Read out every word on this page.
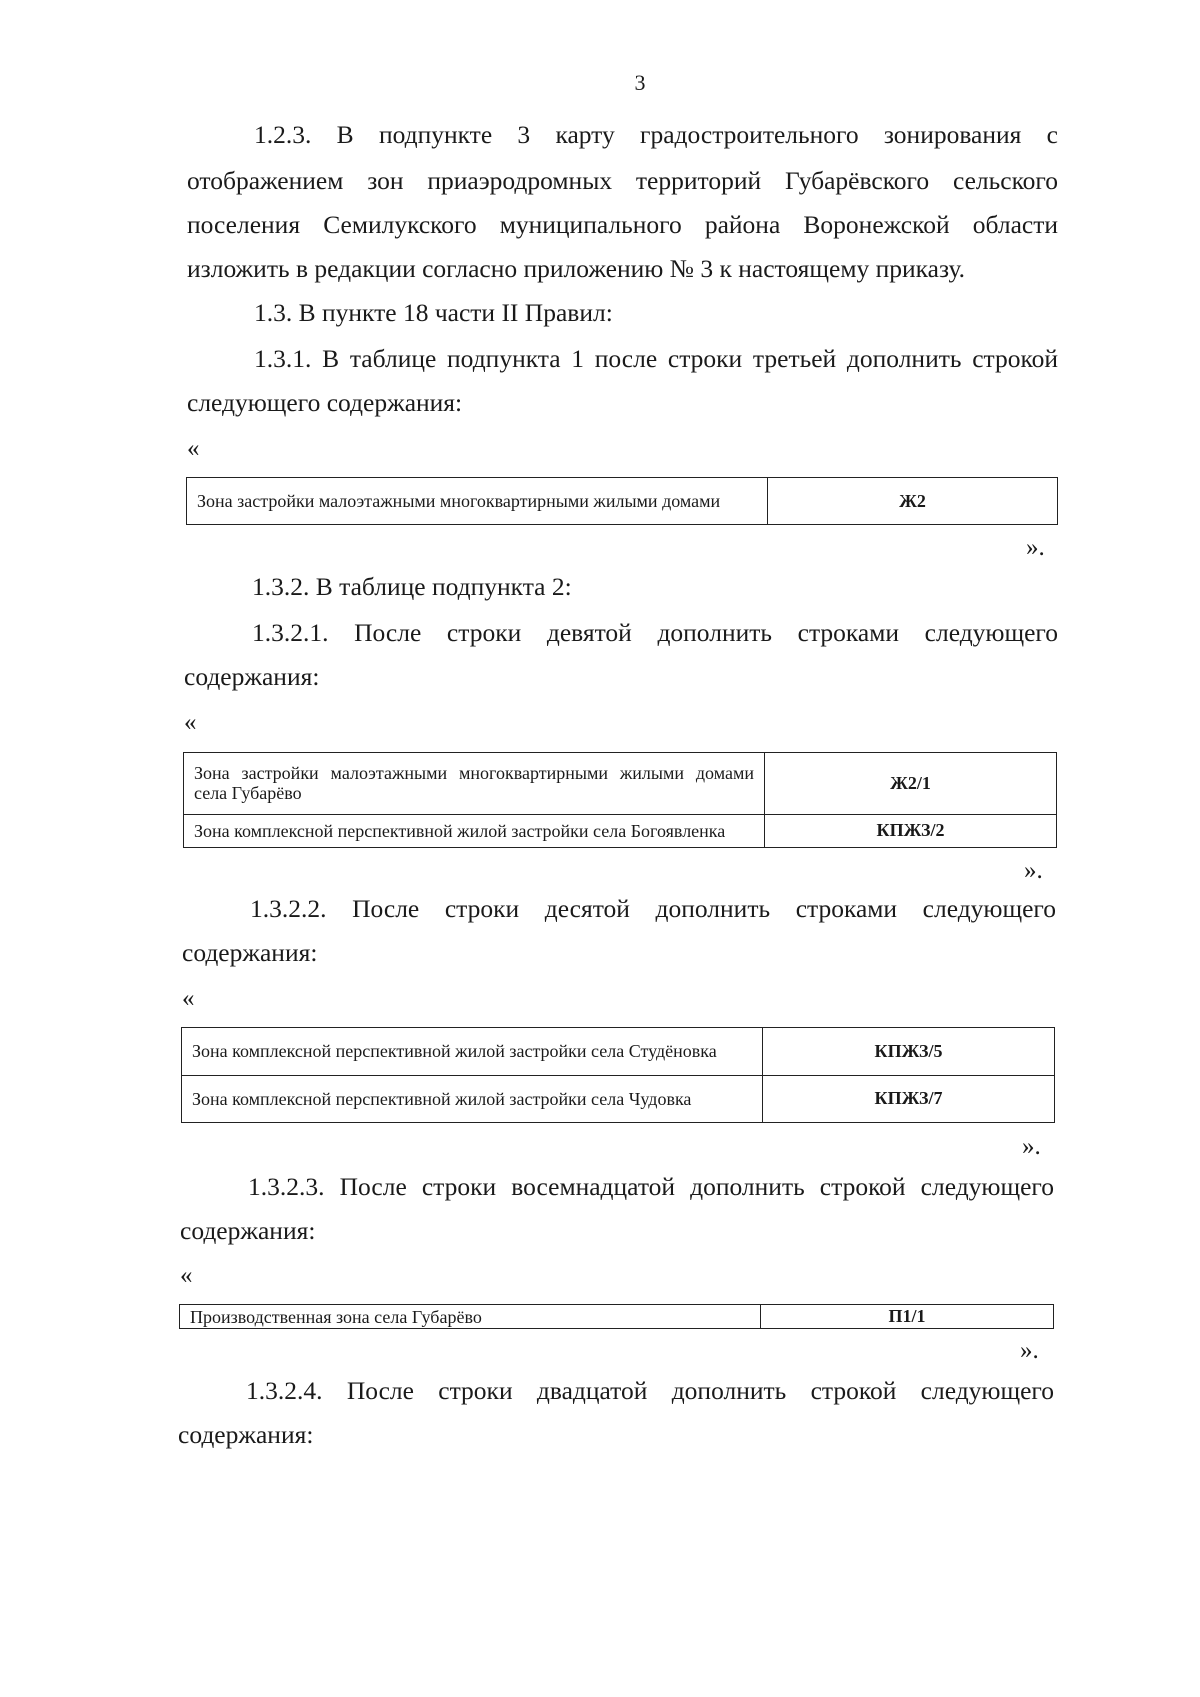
3
1.2.3. В подпункте 3 карту градостроительного зонирования с
отображением зон приаэродромных территорий Губарёвского сельского
поселения Семилукского муниципального района Воронежской области
изложить в редакции согласно приложению № 3 к настоящему приказу.
1.3. В пункте 18 части II Правил:
1.3.1. В таблице подпункта 1 после строки третьей дополнить строкой
следующего содержания:
«
Зона застройки малоэтажными многоквартирными жилыми домами	Ж2
».
1.3.2. В таблице подпункта 2:
1.3.2.1. После строки девятой дополнить строками следующего
содержания:
«
Зона застройки малоэтажными многоквартирными жилыми домами села Губарёво	Ж2/1
Зона комплексной перспективной жилой застройки села Богоявленка	КПЖЗ/2
».
1.3.2.2. После строки десятой дополнить строками следующего
содержания:
«
Зона комплексной перспективной жилой застройки села Студёновка	КПЖЗ/5
Зона комплексной перспективной жилой застройки села Чудовка	КПЖЗ/7
».
1.3.2.3. После строки восемнадцатой дополнить строкой следующего
содержания:
«
Производственная зона села Губарёво	П1/1
».
1.3.2.4. После строки двадцатой дополнить строкой следующего
содержания:
